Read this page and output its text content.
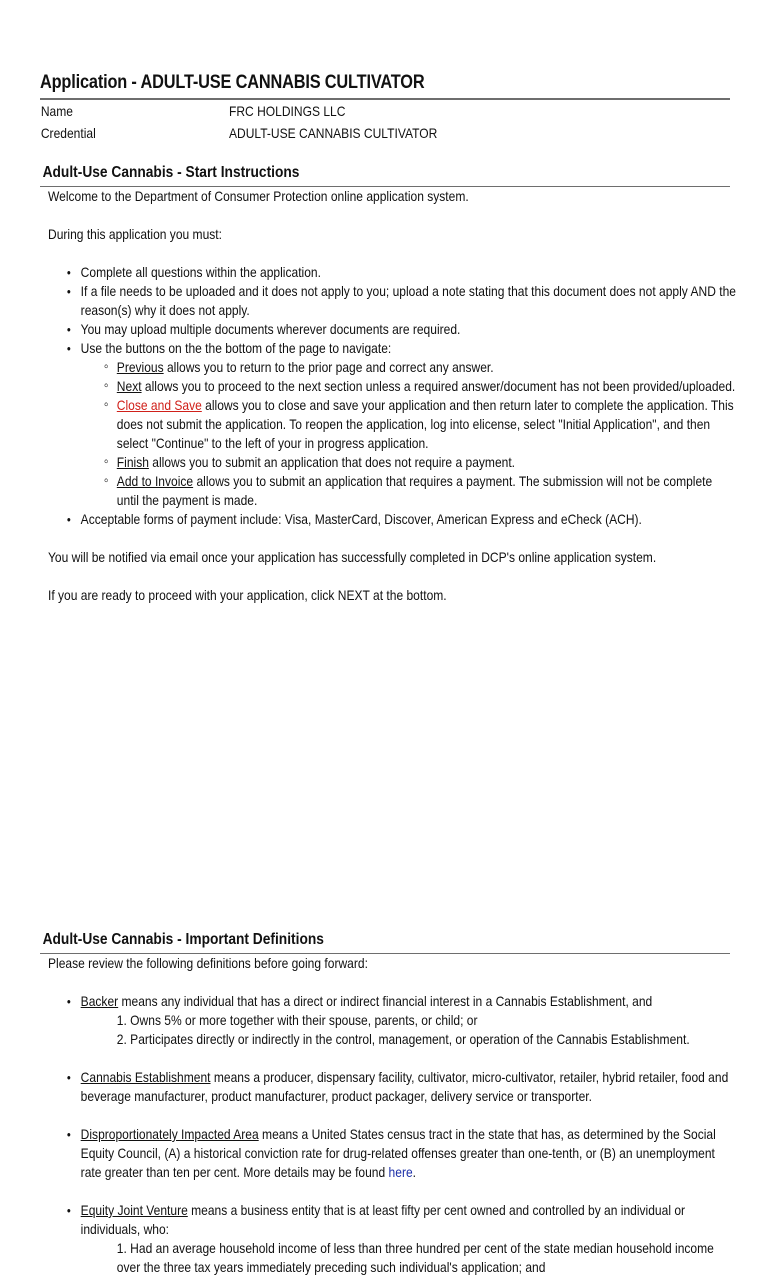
Application - ADULT-USE CANNABIS CULTIVATOR
Name	FRC HOLDINGS LLC
Credential	ADULT-USE CANNABIS CULTIVATOR
Adult-Use Cannabis - Start Instructions

Welcome to the Department of Consumer Protection online application system.

During this application you must:

• Complete all questions within the application.
• If a file needs to be uploaded and it does not apply to you; upload a note stating that this document does not apply AND the reason(s) why it does not apply.
• You may upload multiple documents wherever documents are required.
• Use the buttons on the the bottom of the page to navigate:
◦ Previous allows you to return to the prior page and correct any answer.
◦ Next allows you to proceed to the next section unless a required answer/document has not been provided/uploaded.
◦ Close and Save allows you to close and save your application and then return later to complete the application. This does not submit the application. To reopen the application, log into elicense, select "Initial Application", and then select "Continue" to the left of your in progress application.
◦ Finish allows you to submit an application that does not require a payment.
◦ Add to Invoice allows you to submit an application that requires a payment. The submission will not be complete until the payment is made.
• Acceptable forms of payment include: Visa, MasterCard, Discover, American Express and eCheck (ACH).

You will be notified via email once your application has successfully completed in DCP's online application system.

If you are ready to proceed with your application, click NEXT at the bottom.

Adult-Use Cannabis - Important Definitions

Please review the following definitions before going forward:

• Backer means any individual that has a direct or indirect financial interest in a Cannabis Establishment, and
1. Owns 5% or more together with their spouse, parents, or child; or
2. Participates directly or indirectly in the control, management, or operation of the Cannabis Establishment.
• Cannabis Establishment means a producer, dispensary facility, cultivator, micro-cultivator, retailer, hybrid retailer, food and beverage manufacturer, product manufacturer, product packager, delivery service or transporter.
• Disproportionately Impacted Area means a United States census tract in the state that has, as determined by the Social Equity Council, (A) a historical conviction rate for drug-related offenses greater than one-tenth, or (B) an unemployment rate greater than ten per cent. More details may be found here.
• Equity Joint Venture means a business entity that is at least fifty per cent owned and controlled by an individual or individuals, who:
1. Had an average household income of less than three hundred per cent of the state median household income over the three tax years immediately preceding such individual's application; and
